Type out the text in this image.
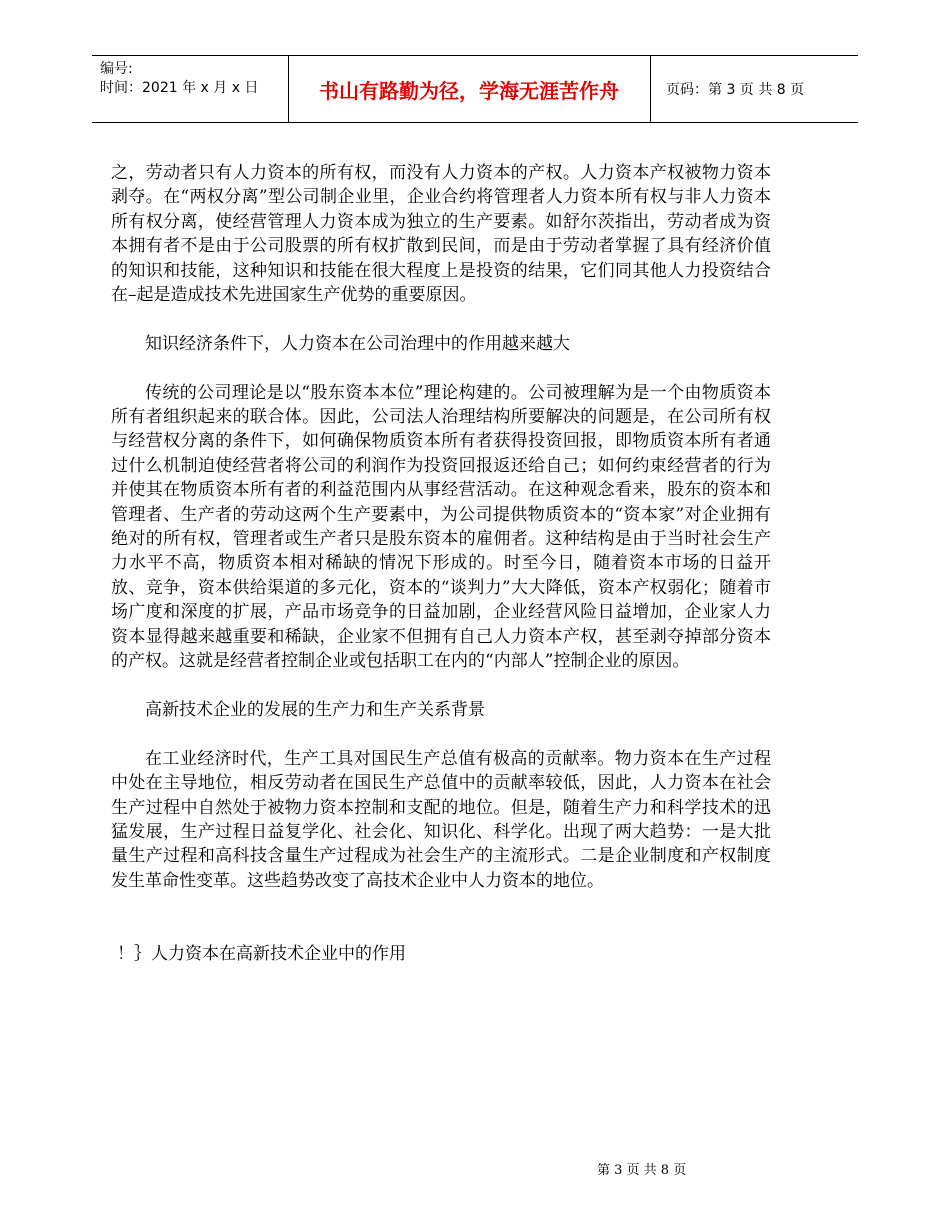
编号:
时间：2021 年 x 月 x 日	书山有路勤为径，学海无涯苦作舟	页码：第 3 页 共 8 页

之，劳动者只有人力资本的所有权，而没有人力资本的产权。人力资本产权被物力资本剥夺。在“两权分离”型公司制企业里，企业合约将管理者人力资本所有权与非人力资本所有权分离，使经营管理人力资本成为独立的生产要素。如舒尔茨指出，劳动者成为资本拥有者不是由于公司股票的所有权扩散到民间，而是由于劳动者掌握了具有经济价值的知识和技能，这种知识和技能在很大程度上是投资的结果，它们同其他人力投资结合在–起是造成技术先进国家生产优势的重要原因。

知识经济条件下，人力资本在公司治理中的作用越来越大

传统的公司理论是以“股东资本本位”理论构建的。公司被理解为是一个由物质资本所有者组织起来的联合体。因此，公司法人治理结构所要解决的问题是，在公司所有权与经营权分离的条件下，如何确保物质资本所有者获得投资回报，即物质资本所有者通过什么机制迫使经营者将公司的利润作为投资回报返还给自己；如何约束经营者的行为并使其在物质资本所有者的利益范围内从事经营活动。在这种观念看来，股东的资本和管理者、生产者的劳动这两个生产要素中，为公司提供物质资本的“资本家”对企业拥有绝对的所有权，管理者或生产者只是股东资本的雇佣者。这种结构是由于当时社会生产力水平不高，物质资本相对稀缺的情况下形成的。时至今日，随着资本市场的日益开放、竞争，资本供给渠道的多元化，资本的“谈判力”大大降低，资本产权弱化；随着市场广度和深度的扩展，产品市场竞争的日益加剧，企业经营风险日益增加，企业家人力资本显得越来越重要和稀缺，企业家不但拥有自己人力资本产权，甚至剥夺掉部分资本的产权。这就是经营者控制企业或包括职工在内的“内部人”控制企业的原因。

高新技术企业的发展的生产力和生产关系背景

在工业经济时代，生产工具对国民生产总值有极高的贡献率。物力资本在生产过程中处在主导地位，相反劳动者在国民生产总值中的贡献率较低，因此，人力资本在社会生产过程中自然处于被物力资本控制和支配的地位。但是，随着生产力和科学技术的迅猛发展，生产过程日益复学化、社会化、知识化、科学化。出现了两大趋势：一是大批量生产过程和高科技含量生产过程成为社会生产的主流形式。二是企业制度和产权制度发生革命性变革。这些趋势改变了高技术企业中人力资本的地位。

！｝人力资本在高新技术企业中的作用

第 3 页 共 8 页
